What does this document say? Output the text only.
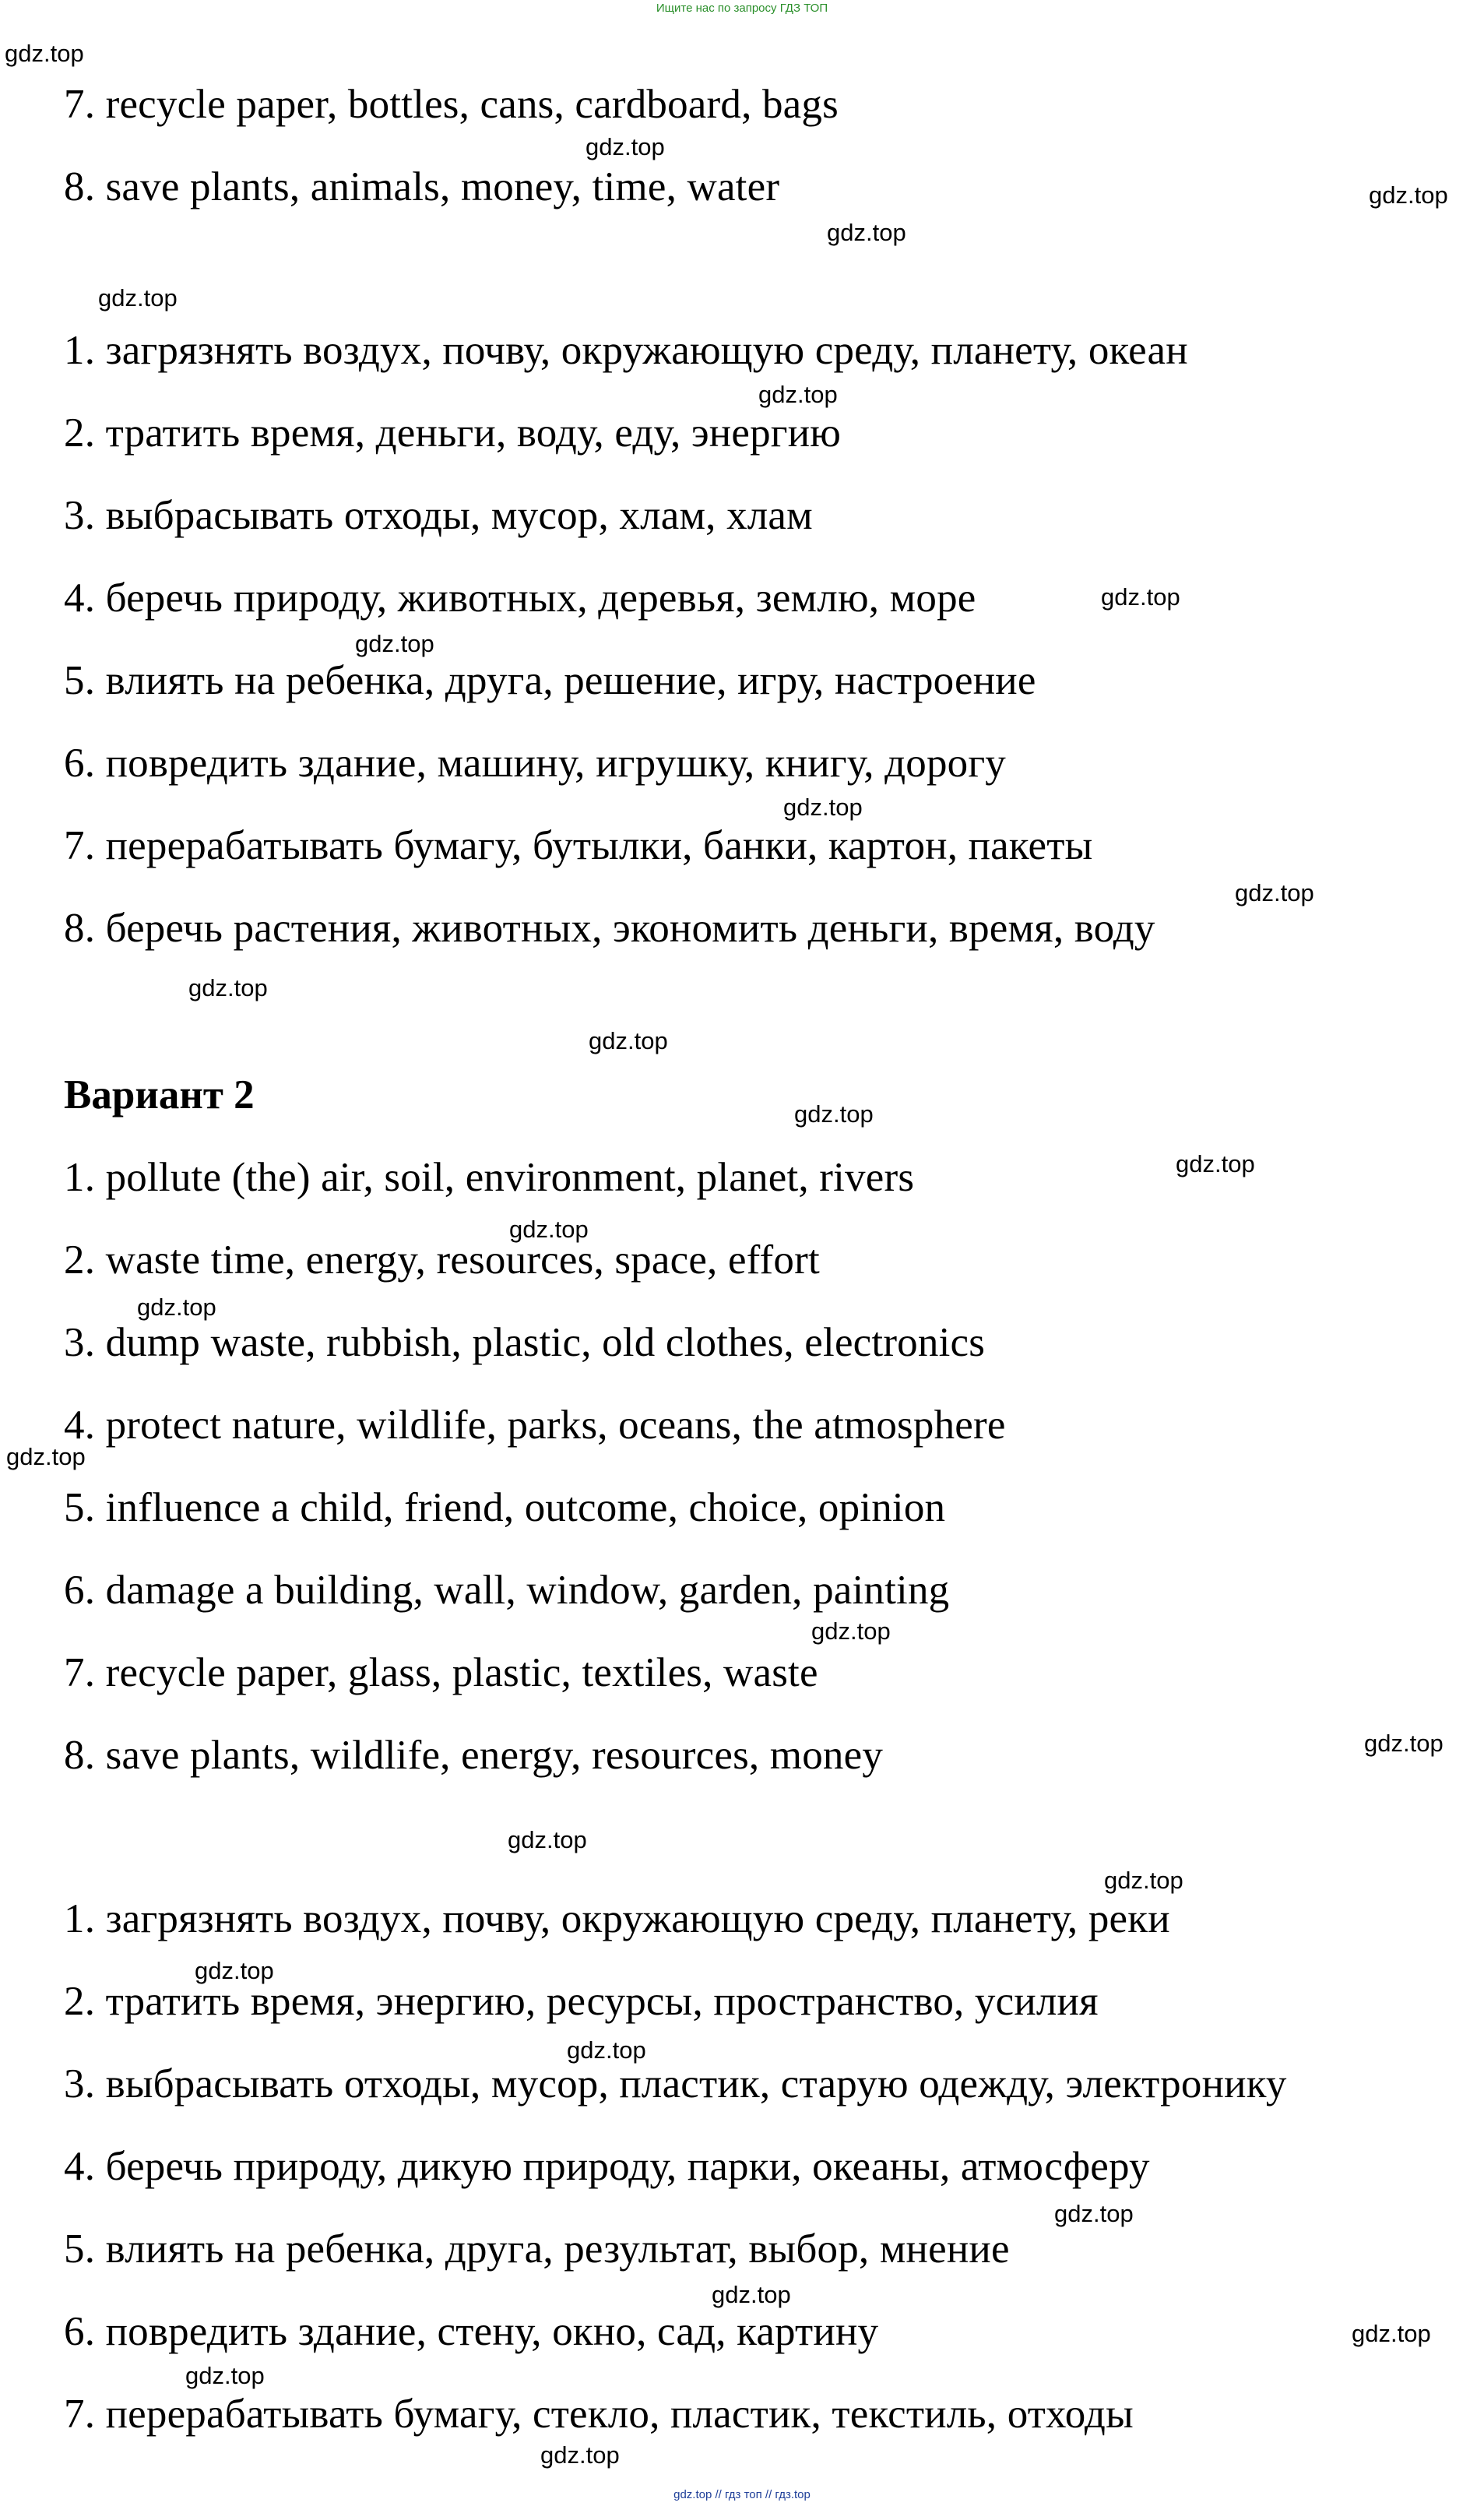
Ищите нас по запросу ГДЗ ТОП
7. recycle paper, bottles, cans, cardboard, bags
8. save plants, animals, money, time, water
1. загрязнять воздух, почву, окружающую среду, планету, океан
2. тратить время, деньги, воду, еду, энергию
3. выбрасывать отходы, мусор, хлам, хлам
4. беречь природу, животных, деревья, землю, море
5. влиять на ребенка, друга, решение, игру, настроение
6. повредить здание, машину, игрушку, книгу, дорогу
7. перерабатывать бумагу, бутылки, банки, картон, пакеты
8. беречь растения, животных, экономить деньги, время, воду
Вариант 2
1. pollute (the) air, soil, environment, planet, rivers
2. waste time, energy, resources, space, effort
3. dump waste, rubbish, plastic, old clothes, electronics
4. protect nature, wildlife, parks, oceans, the atmosphere
5. influence a child, friend, outcome, choice, opinion
6. damage a building, wall, window, garden, painting
7. recycle paper, glass, plastic, textiles, waste
8. save plants, wildlife, energy, resources, money
1. загрязнять воздух, почву, окружающую среду, планету, реки
2. тратить время, энергию, ресурсы, пространство, усилия
3. выбрасывать отходы, мусор, пластик, старую одежду, электронику
4. беречь природу, дикую природу, парки, океаны, атмосферу
5. влиять на ребенка, друга, результат, выбор, мнение
6. повредить здание, стену, окно, сад, картину
7. перерабатывать бумагу, стекло, пластик, текстиль, отходы
gdz.top
gdz.top
gdz.top
gdz.top
gdz.top
gdz.top
gdz.top
gdz.top
gdz.top
gdz.top
gdz.top
gdz.top
gdz.top
gdz.top
gdz.top
gdz.top
gdz.top
gdz.top
gdz.top
gdz.top
gdz.top
gdz.top
gdz.top
gdz.top
gdz.top
gdz.top
gdz.top
gdz.top
gdz.top // гдз топ // гдз.top
